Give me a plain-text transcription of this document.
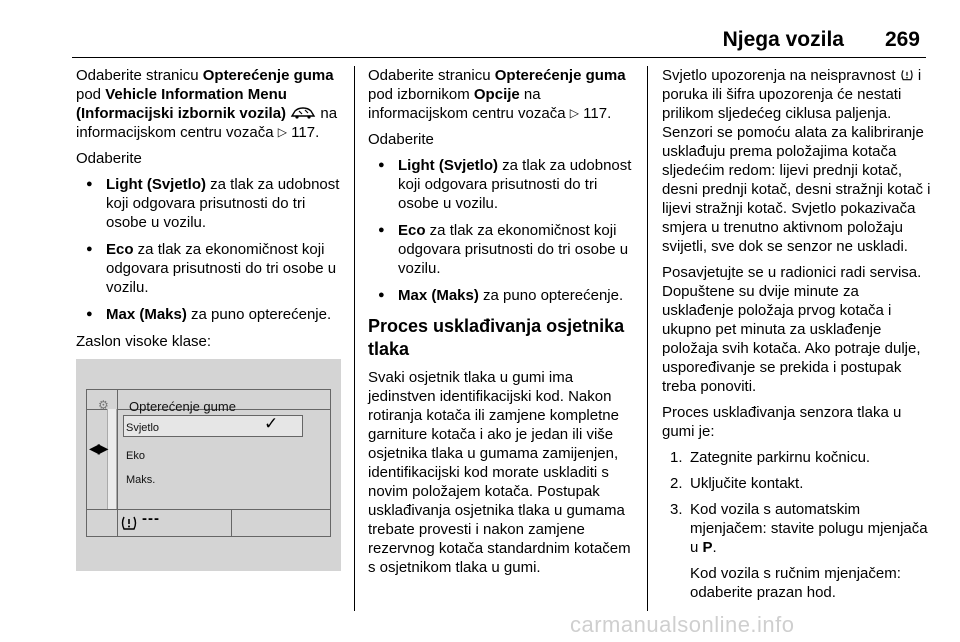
Njega vozila 269

Odaberite stranicu Opterećenje guma pod Vehicle Information Menu (Informacijski izbornik vozila)  na informacijskom centru vozača ▷ 117.

Odaberite

● Light (Svjetlo) za tlak za udobnost koji odgovara prisutnosti do tri osobe u vozilu.
● Eco za tlak za ekonomičnost koji odgovara prisutnosti do tri osobe u vozilu.
● Max (Maks) za puno opterećenje.

Zaslon visoke klase:

⚙ Opterećenje gume
Svjetlo	✓
Eko
Maks.
◀▶
---

Odaberite stranicu Opterećenje guma pod izbornikom Opcije na informacijskom centru vozača ▷ 117.

Odaberite

● Light (Svjetlo) za tlak za udobnost koji odgovara prisutnosti do tri osobe u vozilu.
● Eco za tlak za ekonomičnost koji odgovara prisutnosti do tri osobe u vozilu.
● Max (Maks) za puno opterećenje.
Proces usklađivanja osjetnika tlaka

Svaki osjetnik tlaka u gumi ima jedinstven identifikacijski kod. Nakon rotiranja kotača ili zamjene kompletne garniture kotača i ako je jedan ili više osjetnika tlaka u gumama zamijenjen, identifikacijski kod morate uskladiti s novim položajem kotača. Postupak usklađivanja osjetnika tlaka u gumama trebate provesti i nakon zamjene rezervnog kotača standardnim kotačem s osjetnikom tlaka u gumi.

Svjetlo upozorenja na neispravnost  i poruka ili šifra upozorenja će nestati prilikom sljedećeg ciklusa paljenja. Senzori se pomoću alata za kalibriranje usklađuju prema položajima kotača sljedećim redom: lijevi prednji kotač, desni prednji kotač, desni stražnji kotač i lijevi stražnji kotač. Svjetlo pokazivača smjera u trenutno aktivnom položaju svijetli, sve dok se senzor ne uskladi.

Posavjetujte se u radionici radi servisa. Dopuštene su dvije minute za usklađenje položaja prvog kotača i ukupno pet minuta za usklađenje položaja svih kotača. Ako potraje dulje, uspoređivanje se prekida i postupak treba ponoviti.

Proces usklađivanja senzora tlaka u gumi je:

1. Zategnite parkirnu kočnicu.
2. Uključite kontakt.
3. Kod vozila s automatskim mjenjačem: stavite polugu mjenjača u P.
Kod vozila s ručnim mjenjačem: odaberite prazan hod.
carmanualsonline.info
